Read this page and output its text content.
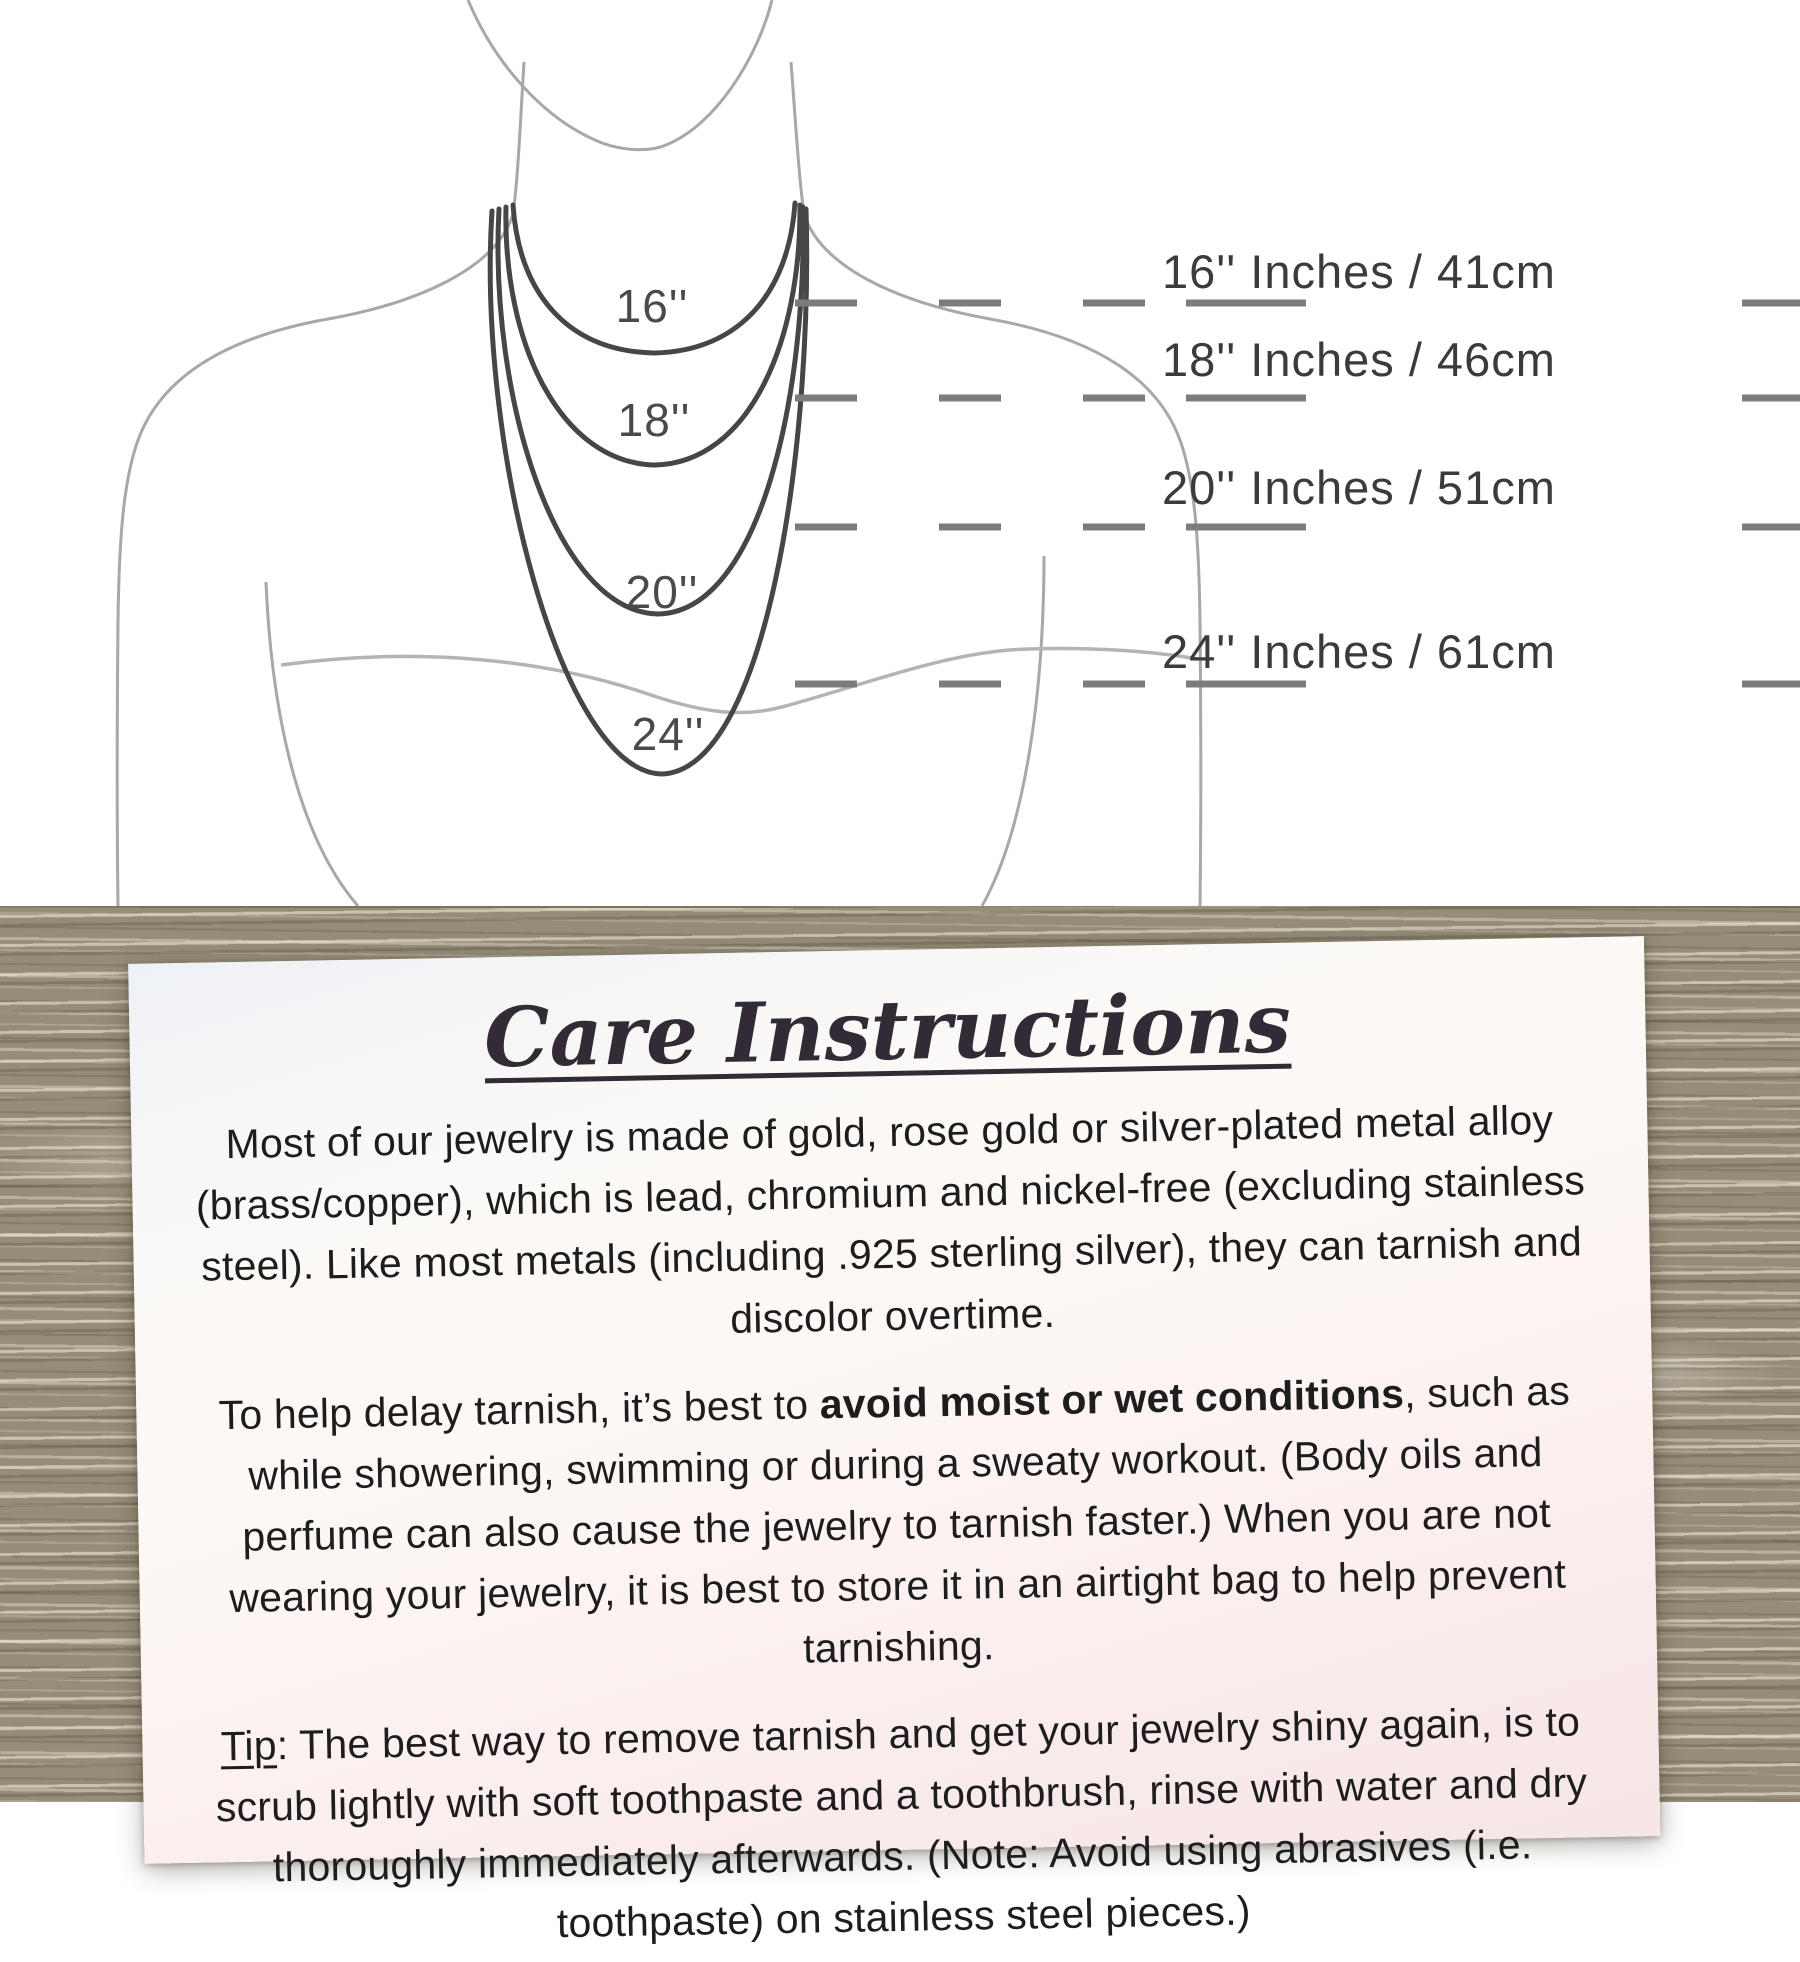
16''
18''
20''
24''
16'' Inches / 41cm
18'' Inches / 46cm
20'' Inches / 51cm
24'' Inches / 61cm
Care Instructions

Most of our jewelry is made of gold, rose gold or silver-plated metal alloy (brass/copper), which is lead, chromium and nickel-free (excluding stainless steel). Like most metals (including .925 sterling silver), they can tarnish and discolor overtime.

To help delay tarnish, it’s best to avoid moist or wet conditions, such as while showering, swimming or during a sweaty workout. (Body oils and perfume can also cause the jewelry to tarnish faster.) When you are not wearing your jewelry, it is best to store it in an airtight bag to help prevent tarnishing.

Tip: The best way to remove tarnish and get your jewelry shiny again, is to scrub lightly with soft toothpaste and a toothbrush, rinse with water and dry thoroughly immediately afterwards. (Note: Avoid using abrasives (i.e. toothpaste) on stainless steel pieces.)
